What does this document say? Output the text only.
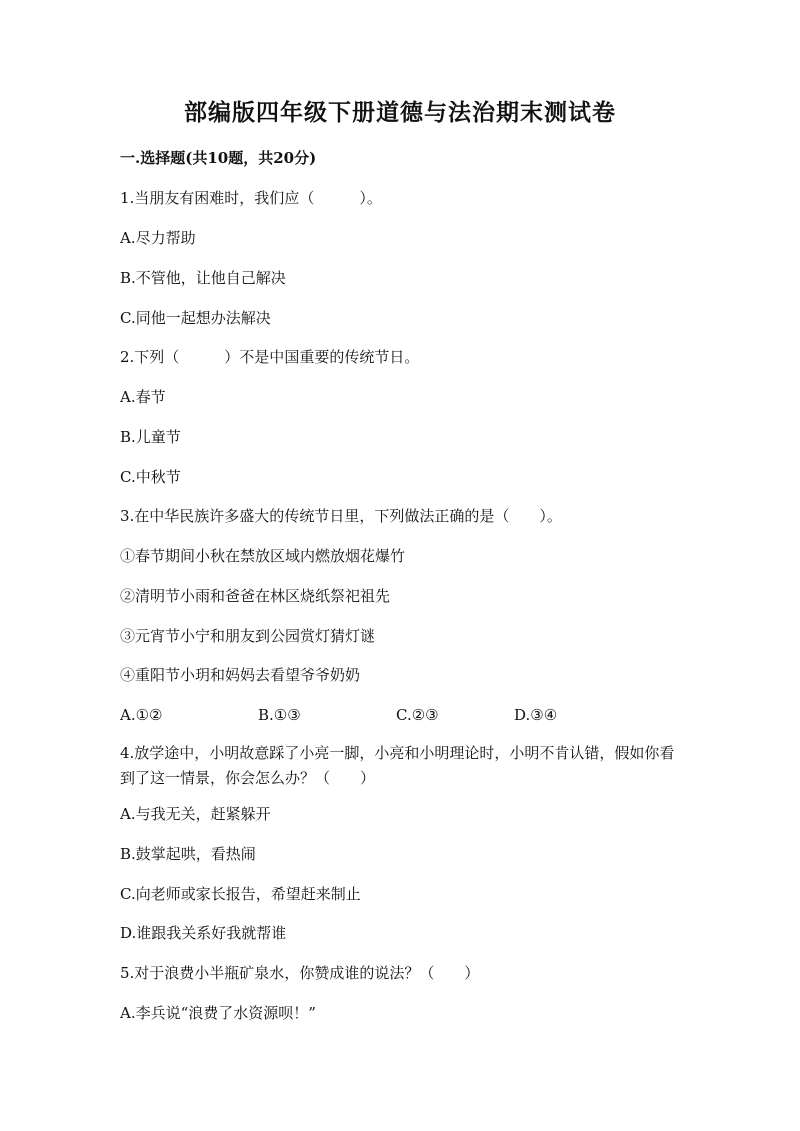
部编版四年级下册道德与法治期末测试卷
一.选择题(共10题，共20分)
1.当朋友有困难时，我们应（　　　）。
A.尽力帮助
B.不管他，让他自己解决
C.同他一起想办法解决
2.下列（　　　）不是中国重要的传统节日。
A.春节
B.儿童节
C.中秋节
3.在中华民族许多盛大的传统节日里，下列做法正确的是（　　）。
①春节期间小秋在禁放区域内燃放烟花爆竹
②清明节小雨和爸爸在林区烧纸祭祀祖先
③元宵节小宁和朋友到公园赏灯猜灯谜
④重阳节小玥和妈妈去看望爷爷奶奶
A.①②	B.①③	C.②③	D.③④
4.放学途中，小明故意踩了小亮一脚，小亮和小明理论时，小明不肯认错，假如你看到了这一情景，你会怎么办？（　　）
A.与我无关，赶紧躲开
B.鼓掌起哄，看热闹
C.向老师或家长报告，希望赶来制止
D.谁跟我关系好我就帮谁
5.对于浪费小半瓶矿泉水，你赞成谁的说法？（　　）
A.李兵说“浪费了水资源呗！”
